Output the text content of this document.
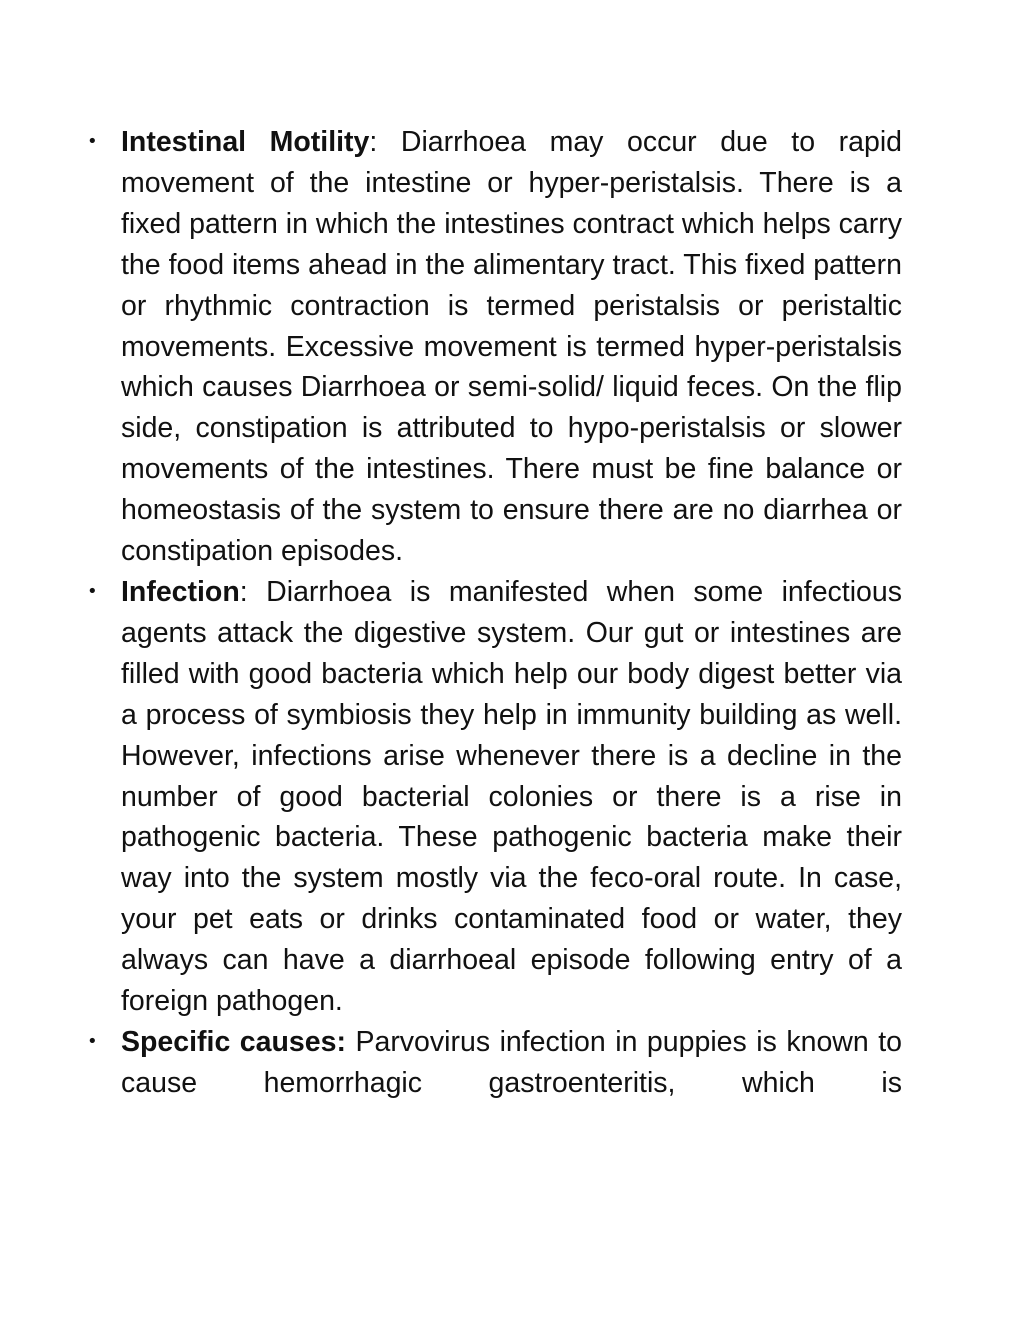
• Intestinal Motility: Diarrhoea may occur due to rapid movement of the intestine or hyper-peristalsis. There is a fixed pattern in which the intestines contract which helps carry the food items ahead in the alimentary tract. This fixed pattern or rhythmic contraction is termed peristalsis or peristaltic movements. Excessive movement is termed hyper-peristalsis which causes Diarrhoea or semi-solid/ liquid feces. On the flip side, constipation is attributed to hypo-peristalsis or slower movements of the intestines. There must be fine balance or homeostasis of the system to ensure there are no diarrhea or constipation episodes.
• Infection: Diarrhoea is manifested when some infectious agents attack the digestive system. Our gut or intestines are filled with good bacteria which help our body digest better via a process of symbiosis they help in immunity building as well. However, infections arise whenever there is a decline in the number of good bacterial colonies or there is a rise in pathogenic bacteria. These pathogenic bacteria make their way into the system mostly via the feco-oral route. In case, your pet eats or drinks contaminated food or water, they always can have a diarrhoeal episode following entry of a foreign pathogen.
• Specific causes: Parvovirus infection in puppies is known to cause hemorrhagic gastroenteritis, which is
